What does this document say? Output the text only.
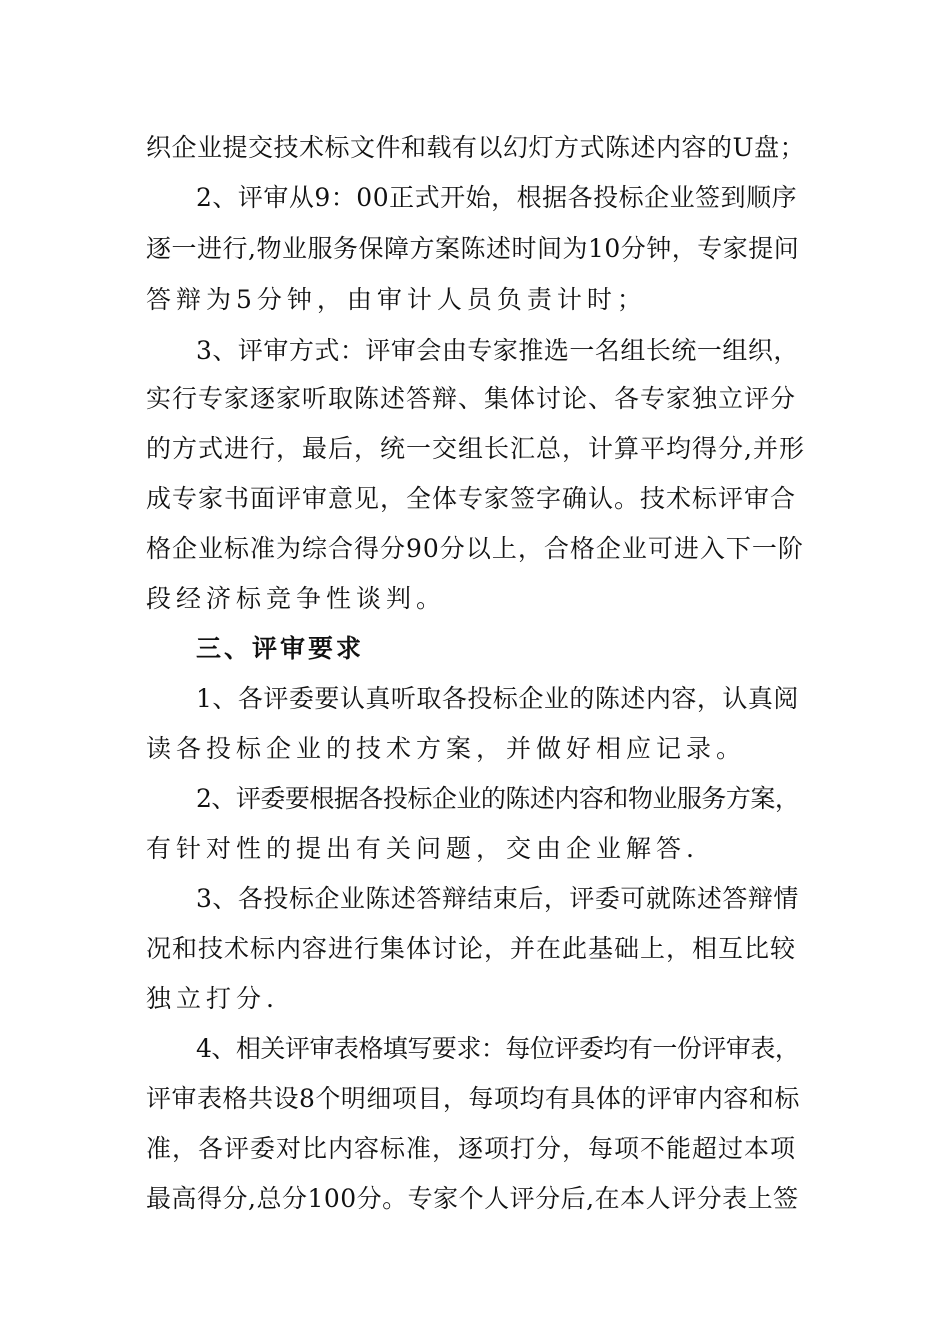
织企业提交技术标文件和载有以幻灯方式陈述内容的U盘；
2、评审从9：00正式开始，根据各投标企业签到顺序
逐一进行,物业服务保障方案陈述时间为10分钟，专家提问
答辩为5分钟，由审计人员负责计时；
3、评审方式：评审会由专家推选一名组长统一组织，
实行专家逐家听取陈述答辩、集体讨论、各专家独立评分
的方式进行，最后，统一交组长汇总，计算平均得分,并形
成专家书面评审意见，全体专家签字确认。技术标评审合
格企业标准为综合得分90分以上，合格企业可进入下一阶
段经济标竞争性谈判。
三、评审要求
1、各评委要认真听取各投标企业的陈述内容，认真阅
读各投标企业的技术方案，并做好相应记录。
2、评委要根据各投标企业的陈述内容和物业服务方案，
有针对性的提出有关问题，交由企业解答.
3、各投标企业陈述答辩结束后，评委可就陈述答辩情
况和技术标内容进行集体讨论，并在此基础上，相互比较
独立打分.
4、相关评审表格填写要求：每位评委均有一份评审表，
评审表格共设8个明细项目，每项均有具体的评审内容和标
准，各评委对比内容标准，逐项打分，每项不能超过本项
最高得分,总分100分。专家个人评分后,在本人评分表上签
